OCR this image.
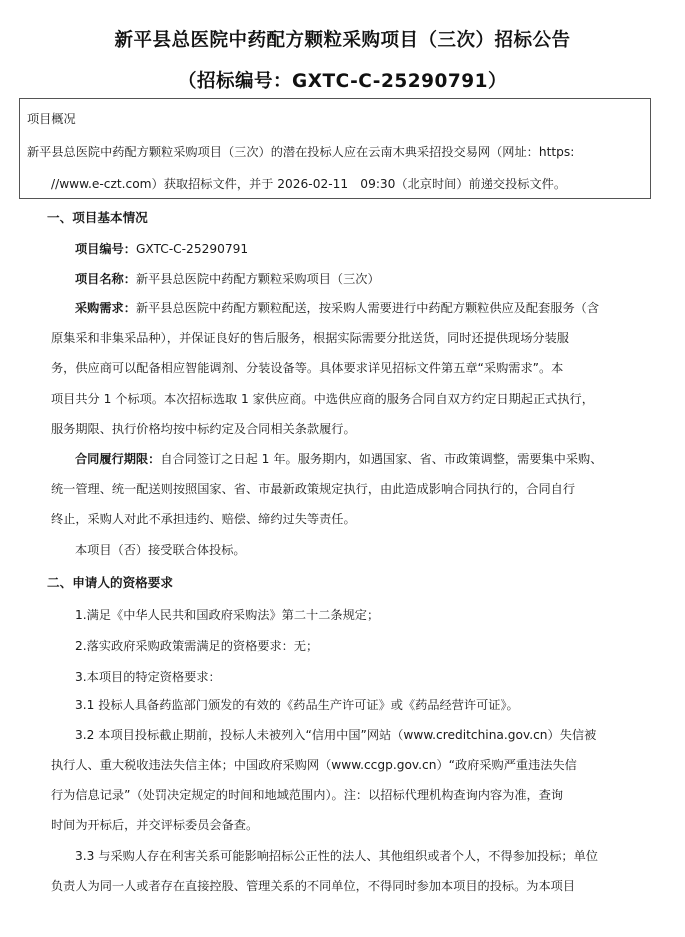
新平县总医院中药配方颗粒采购项目（三次）招标公告
（招标编号：GXTC-C-25290791）
项目概况
新平县总医院中药配方颗粒采购项目（三次）的潜在投标人应在云南木典采招投交易网（网址：https:
//www.e-czt.com）获取招标文件，并于 2026-02-11　09:30（北京时间）前递交投标文件。
一、项目基本情况
项目编号：GXTC-C-25290791
项目名称：新平县总医院中药配方颗粒采购项目（三次）
采购需求：新平县总医院中药配方颗粒配送，按采购人需要进行中药配方颗粒供应及配套服务（含
原集采和非集采品种），并保证良好的售后服务，根据实际需要分批送货，同时还提供现场分装服
务，供应商可以配备相应智能调剂、分装设备等。具体要求详见招标文件第五章“采购需求”。本
项目共分 1 个标项。本次招标选取 1 家供应商。中选供应商的服务合同自双方约定日期起正式执行，
服务期限、执行价格均按中标约定及合同相关条款履行。
合同履行期限：自合同签订之日起 1 年。服务期内，如遇国家、省、市政策调整，需要集中采购、
统一管理、统一配送则按照国家、省、市最新政策规定执行，由此造成影响合同执行的，合同自行
终止，采购人对此不承担违约、赔偿、缔约过失等责任。
本项目（否）接受联合体投标。
二、申请人的资格要求
1.满足《中华人民共和国政府采购法》第二十二条规定；
2.落实政府采购政策需满足的资格要求：无；
3.本项目的特定资格要求：
3.1 投标人具备药监部门颁发的有效的《药品生产许可证》或《药品经营许可证》。
3.2 本项目投标截止期前，投标人未被列入“信用中国”网站（www.creditchina.gov.cn）失信被
执行人、重大税收违法失信主体；中国政府采购网（www.ccgp.gov.cn）“政府采购严重违法失信
行为信息记录”（处罚决定规定的时间和地域范围内）。注：以招标代理机构查询内容为准，查询
时间为开标后，并交评标委员会备查。
3.3 与采购人存在利害关系可能影响招标公正性的法人、其他组织或者个人，不得参加投标；单位
负责人为同一人或者存在直接控股、管理关系的不同单位，不得同时参加本项目的投标。为本项目
